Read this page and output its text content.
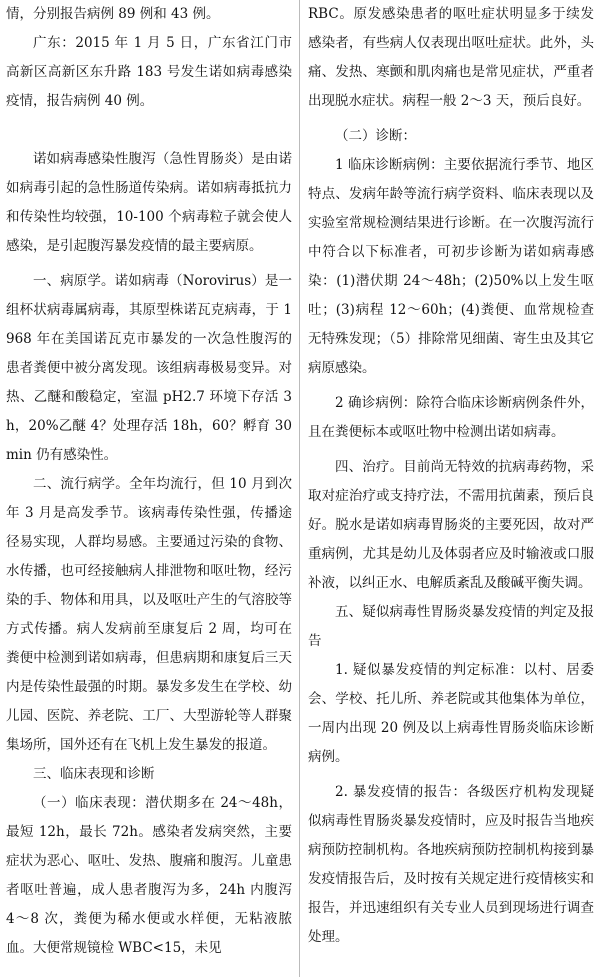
情，分别报告病例 89 例和 43 例。

广东：2015 年 1 月 5 日，广东省江门市高新区高新区东升路 183 号发生诺如病毒感染疫情，报告病例 40 例。

诺如病毒感染性腹泻（急性胃肠炎）是由诺如病毒引起的急性肠道传染病。诺如病毒抵抗力和传染性均较强，10-100 个病毒粒子就会使人感染，是引起腹泻暴发疫情的最主要病原。

一、病原学。诺如病毒（Norovirus）是一组杯状病毒属病毒，其原型株诺瓦克病毒，于 1968 年在美国诺瓦克市暴发的一次急性腹泻的患者粪便中被分离发现。该组病毒极易变异。对热、乙醚和酸稳定，室温 pH2.7 环境下存活 3h，20%乙醚 4？处理存活 18h，60？孵育 30min 仍有感染性。

二、流行病学。全年均流行，但 10 月到次年 3 月是高发季节。该病毒传染性强，传播途径易实现，人群均易感。主要通过污染的食物、水传播，也可经接触病人排泄物和呕吐物，经污染的手、物体和用具，以及呕吐产生的气溶胶等方式传播。病人发病前至康复后 2 周，均可在粪便中检测到诺如病毒，但患病期和康复后三天内是传染性最强的时期。暴发多发生在学校、幼儿园、医院、养老院、工厂、大型游轮等人群聚集场所，国外还有在飞机上发生暴发的报道。

三、临床表现和诊断

（一）临床表现：潜伏期多在 24～48h，最短 12h，最长 72h。感染者发病突然，主要症状为恶心、呕吐、发热、腹痛和腹泻。儿童患者呕吐普遍，成人患者腹泻为多，24h 内腹泻 4～8 次，粪便为稀水便或水样便，无粘液脓血。大便常规镜检 WBC<15，未见

RBC。原发感染患者的呕吐症状明显多于续发感染者，有些病人仅表现出呕吐症状。此外，头痛、发热、寒颤和肌肉痛也是常见症状，严重者出现脱水症状。病程一般 2～3 天，预后良好。

（二）诊断：

1 临床诊断病例：主要依据流行季节、地区特点、发病年龄等流行病学资料、临床表现以及实验室常规检测结果进行诊断。在一次腹泻流行中符合以下标准者，可初步诊断为诺如病毒感染：(1)潜伏期 24～48h；(2)50%以上发生呕吐；(3)病程 12～60h；(4)粪便、血常规检查无特殊发现；（5）排除常见细菌、寄生虫及其它病原感染。

2 确诊病例：除符合临床诊断病例条件外，且在粪便标本或呕吐物中检测出诺如病毒。

四、治疗。目前尚无特效的抗病毒药物，采取对症治疗或支持疗法，不需用抗菌素，预后良好。脱水是诺如病毒胃肠炎的主要死因，故对严重病例，尤其是幼儿及体弱者应及时输液或口服补液，以纠正水、电解质紊乱及酸碱平衡失调。

五、疑似病毒性胃肠炎暴发疫情的判定及报告

1. 疑似暴发疫情的判定标准：以村、居委会、学校、托儿所、养老院或其他集体为单位，一周内出现 20 例及以上病毒性胃肠炎临床诊断病例。

2. 暴发疫情的报告：各级医疗机构发现疑似病毒性胃肠炎暴发疫情时，应及时报告当地疾病预防控制机构。各地疾病预防控制机构接到暴发疫情报告后，及时按有关规定进行疫情核实和报告，并迅速组织有关专业人员到现场进行调查处理。
